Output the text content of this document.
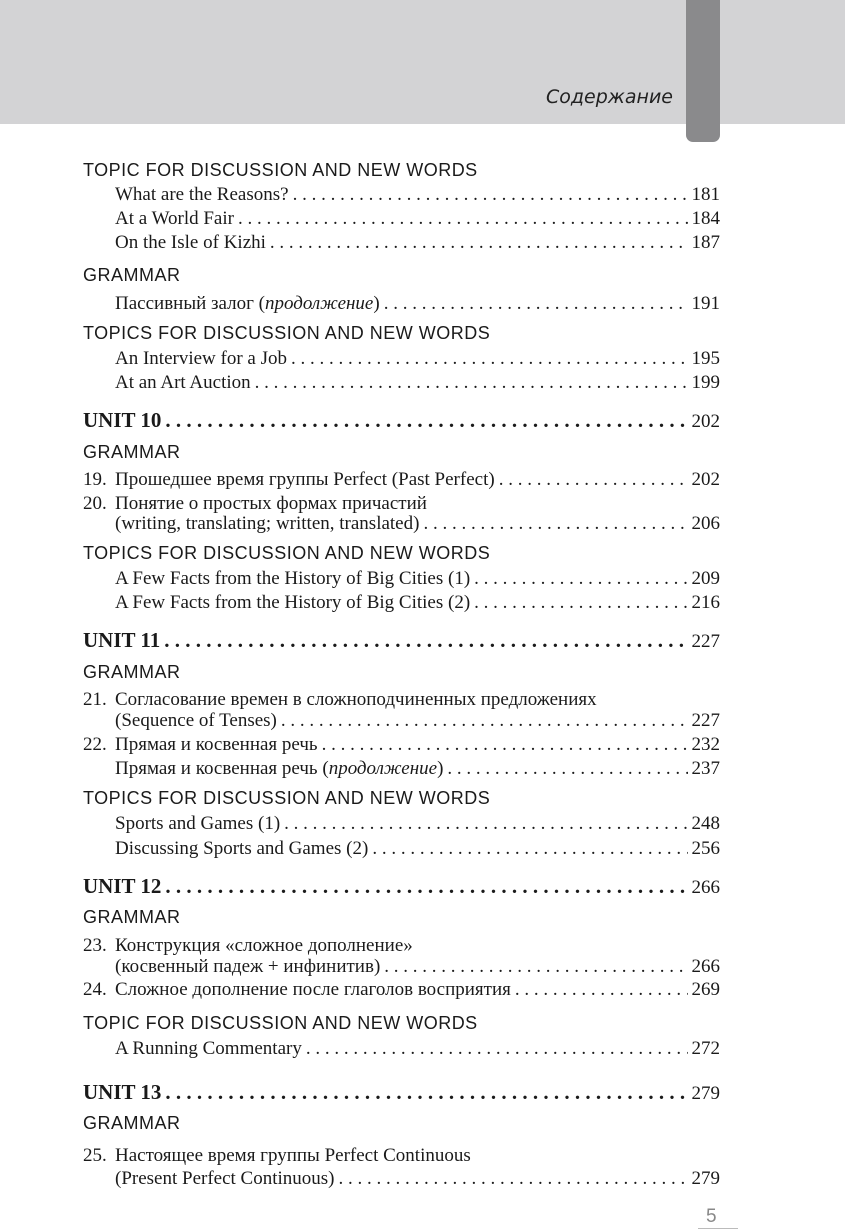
Содержание
TOPIC FOR DISCUSSION AND NEW WORDS
What are the Reasons? . . .	181
At a World Fair . . .	184
On the Isle of Kizhi . . .	187
GRAMMAR
Пассивный залог (продолжение) . . .	191
TOPICS FOR DISCUSSION AND NEW WORDS
An Interview for a Job . . .	195
At an Art Auction . . .	199
UNIT 10 . . .	202
GRAMMAR
19. Прошедшее время группы Perfect (Past Perfect) . . .	202
20. Понятие о простых формах причастий
(writing, translating; written, translated) . . .	206
TOPICS FOR DISCUSSION AND NEW WORDS
A Few Facts from the History of Big Cities (1) . . .	209
A Few Facts from the History of Big Cities (2) . . .	216
UNIT 11 . . .	227
GRAMMAR
21. Согласование времен в сложноподчиненных предложениях
(Sequence of Tenses) . . .	227
22. Прямая и косвенная речь . . .	232
Прямая и косвенная речь (продолжение) . . .	237
TOPICS FOR DISCUSSION AND NEW WORDS
Sports and Games (1) . . .	248
Discussing Sports and Games (2) . . .	256
UNIT 12 . . .	266
GRAMMAR
23. Конструкция «сложное дополнение»
(косвенный падеж + инфинитив) . . .	266
24. Сложное дополнение после глаголов восприятия . . .	269
TOPIC FOR DISCUSSION AND NEW WORDS
A Running Commentary . . .	272
UNIT 13 . . .	279
GRAMMAR
25. Настоящее время группы Perfect Continuous
(Present Perfect Continuous) . . .	279
5
